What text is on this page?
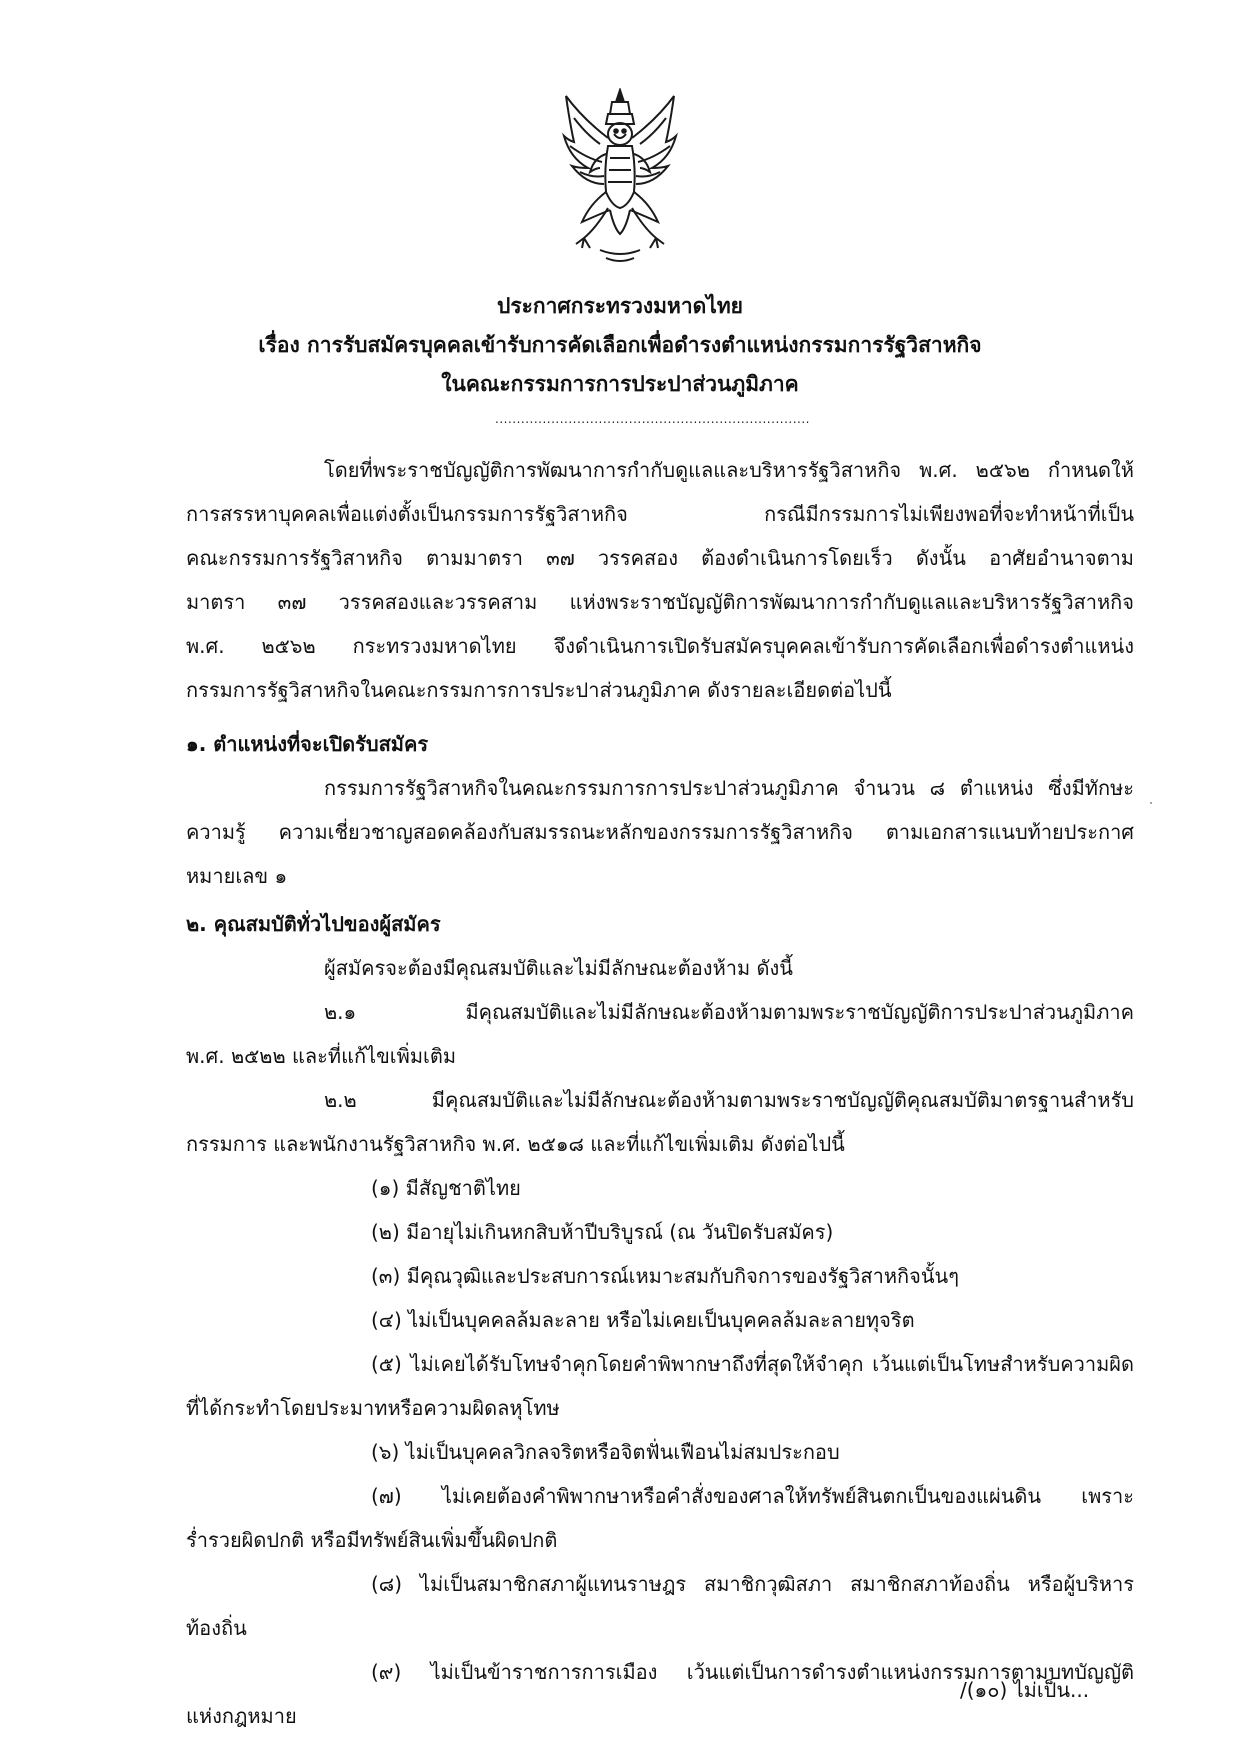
ประกาศกระทรวงมหาดไทย
เรื่อง การรับสมัครบุคคลเข้ารับการคัดเลือกเพื่อดำรงตำแหน่งกรรมการรัฐวิสาหกิจ
ในคณะกรรมการการประปาส่วนภูมิภาค
.........................................................................

โดยที่พระราชบัญญัติการพัฒนาการกำกับดูแลและบริหารรัฐวิสาหกิจ พ.ศ. ๒๕๖๒ กำหนดให้

การสรรหาบุคคลเพื่อแต่งตั้งเป็นกรรมการรัฐวิสาหกิจ กรณีมีกรรมการไม่เพียงพอที่จะทำหน้าที่เป็น

คณะกรรมการรัฐวิสาหกิจ ตามมาตรา ๓๗ วรรคสอง ต้องดำเนินการโดยเร็ว ดังนั้น อาศัยอำนาจตาม

มาตรา ๓๗ วรรคสองและวรรคสาม แห่งพระราชบัญญัติการพัฒนาการกำกับดูแลและบริหารรัฐวิสาหกิจ

พ.ศ. ๒๕๖๒ กระทรวงมหาดไทย จึงดำเนินการเปิดรับสมัครบุคคลเข้ารับการคัดเลือกเพื่อดำรงตำแหน่ง

กรรมการรัฐวิสาหกิจในคณะกรรมการการประปาส่วนภูมิภาค ดังรายละเอียดต่อไปนี้

๑. ตำแหน่งที่จะเปิดรับสมัคร

กรรมการรัฐวิสาหกิจในคณะกรรมการการประปาส่วนภูมิภาค จำนวน ๘ ตำแหน่ง ซึ่งมีทักษะ

ความรู้ ความเชี่ยวชาญสอดคล้องกับสมรรถนะหลักของกรรมการรัฐวิสาหกิจ ตามเอกสารแนบท้ายประกาศ

หมายเลข ๑

๒. คุณสมบัติทั่วไปของผู้สมัคร

ผู้สมัครจะต้องมีคุณสมบัติและไม่มีลักษณะต้องห้าม ดังนี้

๒.๑ มีคุณสมบัติและไม่มีลักษณะต้องห้ามตามพระราชบัญญัติการประปาส่วนภูมิภาค

พ.ศ. ๒๕๒๒ และที่แก้ไขเพิ่มเติม

๒.๒ มีคุณสมบัติและไม่มีลักษณะต้องห้ามตามพระราชบัญญัติคุณสมบัติมาตรฐานสำหรับ

กรรมการ และพนักงานรัฐวิสาหกิจ พ.ศ. ๒๕๑๘ และที่แก้ไขเพิ่มเติม ดังต่อไปนี้

(๑) มีสัญชาติไทย

(๒) มีอายุไม่เกินหกสิบห้าปีบริบูรณ์ (ณ วันปิดรับสมัคร)

(๓) มีคุณวุฒิและประสบการณ์เหมาะสมกับกิจการของรัฐวิสาหกิจนั้นๆ

(๔) ไม่เป็นบุคคลล้มละลาย หรือไม่เคยเป็นบุคคลล้มละลายทุจริต

(๕) ไม่เคยได้รับโทษจำคุกโดยคำพิพากษาถึงที่สุดให้จำคุก เว้นแต่เป็นโทษสำหรับความผิด

ที่ได้กระทำโดยประมาทหรือความผิดลหุโทษ

(๖) ไม่เป็นบุคคลวิกลจริตหรือจิตฟั่นเฟือนไม่สมประกอบ

(๗) ไม่เคยต้องคำพิพากษาหรือคำสั่งของศาลให้ทรัพย์สินตกเป็นของแผ่นดิน เพราะ

ร่ำรวยผิดปกติ หรือมีทรัพย์สินเพิ่มขึ้นผิดปกติ

(๘) ไม่เป็นสมาชิกสภาผู้แทนราษฎร สมาชิกวุฒิสภา สมาชิกสภาท้องถิ่น หรือผู้บริหาร

ท้องถิ่น

(๙) ไม่เป็นข้าราชการการเมือง เว้นแต่เป็นการดำรงตำแหน่งกรรมการตามบทบัญญัติ

แห่งกฎหมาย

/(๑๐) ไม่เป็น...
